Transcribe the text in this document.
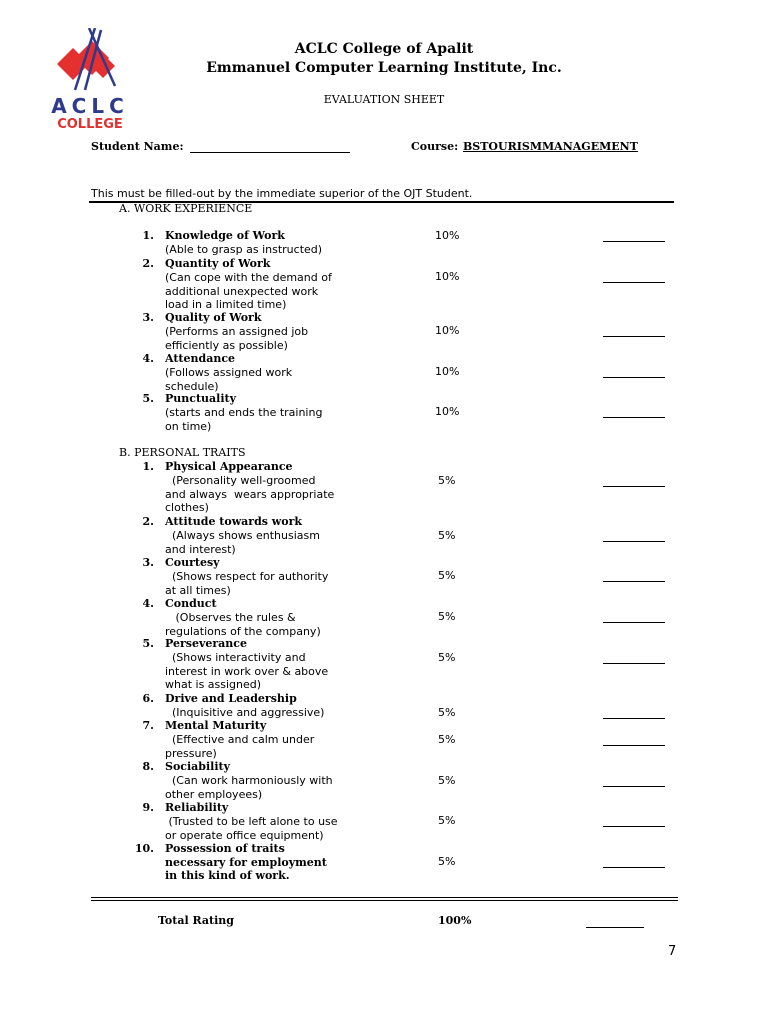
ACLC
COLLEGE
ACLC College of Apalit
Emmanuel Computer Learning Institute, Inc.
EVALUATION SHEET
Student Name:	Course: BSTOURISMMANAGEMENT
This must be filled-out by the immediate superior of the OJT Student.
A. WORK EXPERIENCE
1. Knowledge of Work
(Able to grasp as instructed)
10%
2. Quantity of Work
(Can cope with the demand of
additional unexpected work
load in a limited time)
10%
3. Quality of Work
(Performs an assigned job
efficiently as possible)
10%
4. Attendance
(Follows assigned work
schedule)
10%
5. Punctuality
(starts and ends the training
on time)
10%
B. PERSONAL TRAITS
1. Physical Appearance
(Personality well-groomed
and always  wears appropriate
clothes)
5%
2. Attitude towards work
(Always shows enthusiasm
and interest)
5%
3. Courtesy
(Shows respect for authority
at all times)
5%
4. Conduct
(Observes the rules &
regulations of the company)
5%
5. Perseverance
(Shows interactivity and
interest in work over & above
what is assigned)
5%
6. Drive and Leadership
(Inquisitive and aggressive)	5%
7. Mental Maturity
(Effective and calm under
pressure)
5%
8. Sociability
(Can work harmoniously with
other employees)
5%
9. Reliability
(Trusted to be left alone to use
or operate office equipment)
5%
10. Possession of traits
necessary for employment
in this kind of work.
5%
Total Rating	100%
7
